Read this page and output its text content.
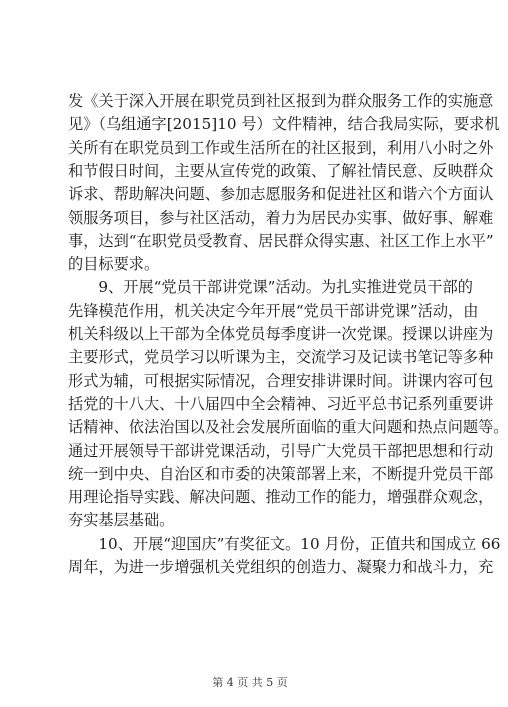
发《关于深入开展在职党员到社区报到为群众服务工作的实施意
见》（乌组通字[2015]10 号）文件精神，结合我局实际，要求机
关所有在职党员到工作或生活所在的社区报到，利用八小时之外
和节假日时间，主要从宣传党的政策、了解社情民意、反映群众
诉求、帮助解决问题、参加志愿服务和促进社区和谐六个方面认
领服务项目，参与社区活动，着力为居民办实事、做好事、解难
事，达到“在职党员受教育、居民群众得实惠、社区工作上水平”
的目标要求。
　　9、开展“党员干部讲党课”活动。为扎实推进党员干部的
先锋模范作用，机关决定今年开展“党员干部讲党课”活动，由
机关科级以上干部为全体党员每季度讲一次党课。授课以讲座为
主要形式，党员学习以听课为主，交流学习及记读书笔记等多种
形式为辅，可根据实际情况，合理安排讲课时间。讲课内容可包
括党的十八大、十八届四中全会精神、习近平总书记系列重要讲
话精神、依法治国以及社会发展所面临的重大问题和热点问题等。
通过开展领导干部讲党课活动，引导广大党员干部把思想和行动
统一到中央、自治区和市委的决策部署上来，不断提升党员干部
用理论指导实践、解决问题、推动工作的能力，增强群众观念，
夯实基层基础。
　　10、开展“迎国庆”有奖征文。10 月份，正值共和国成立 66
周年，为进一步增强机关党组织的创造力、凝聚力和战斗力，充
第 4 页 共 5 页
